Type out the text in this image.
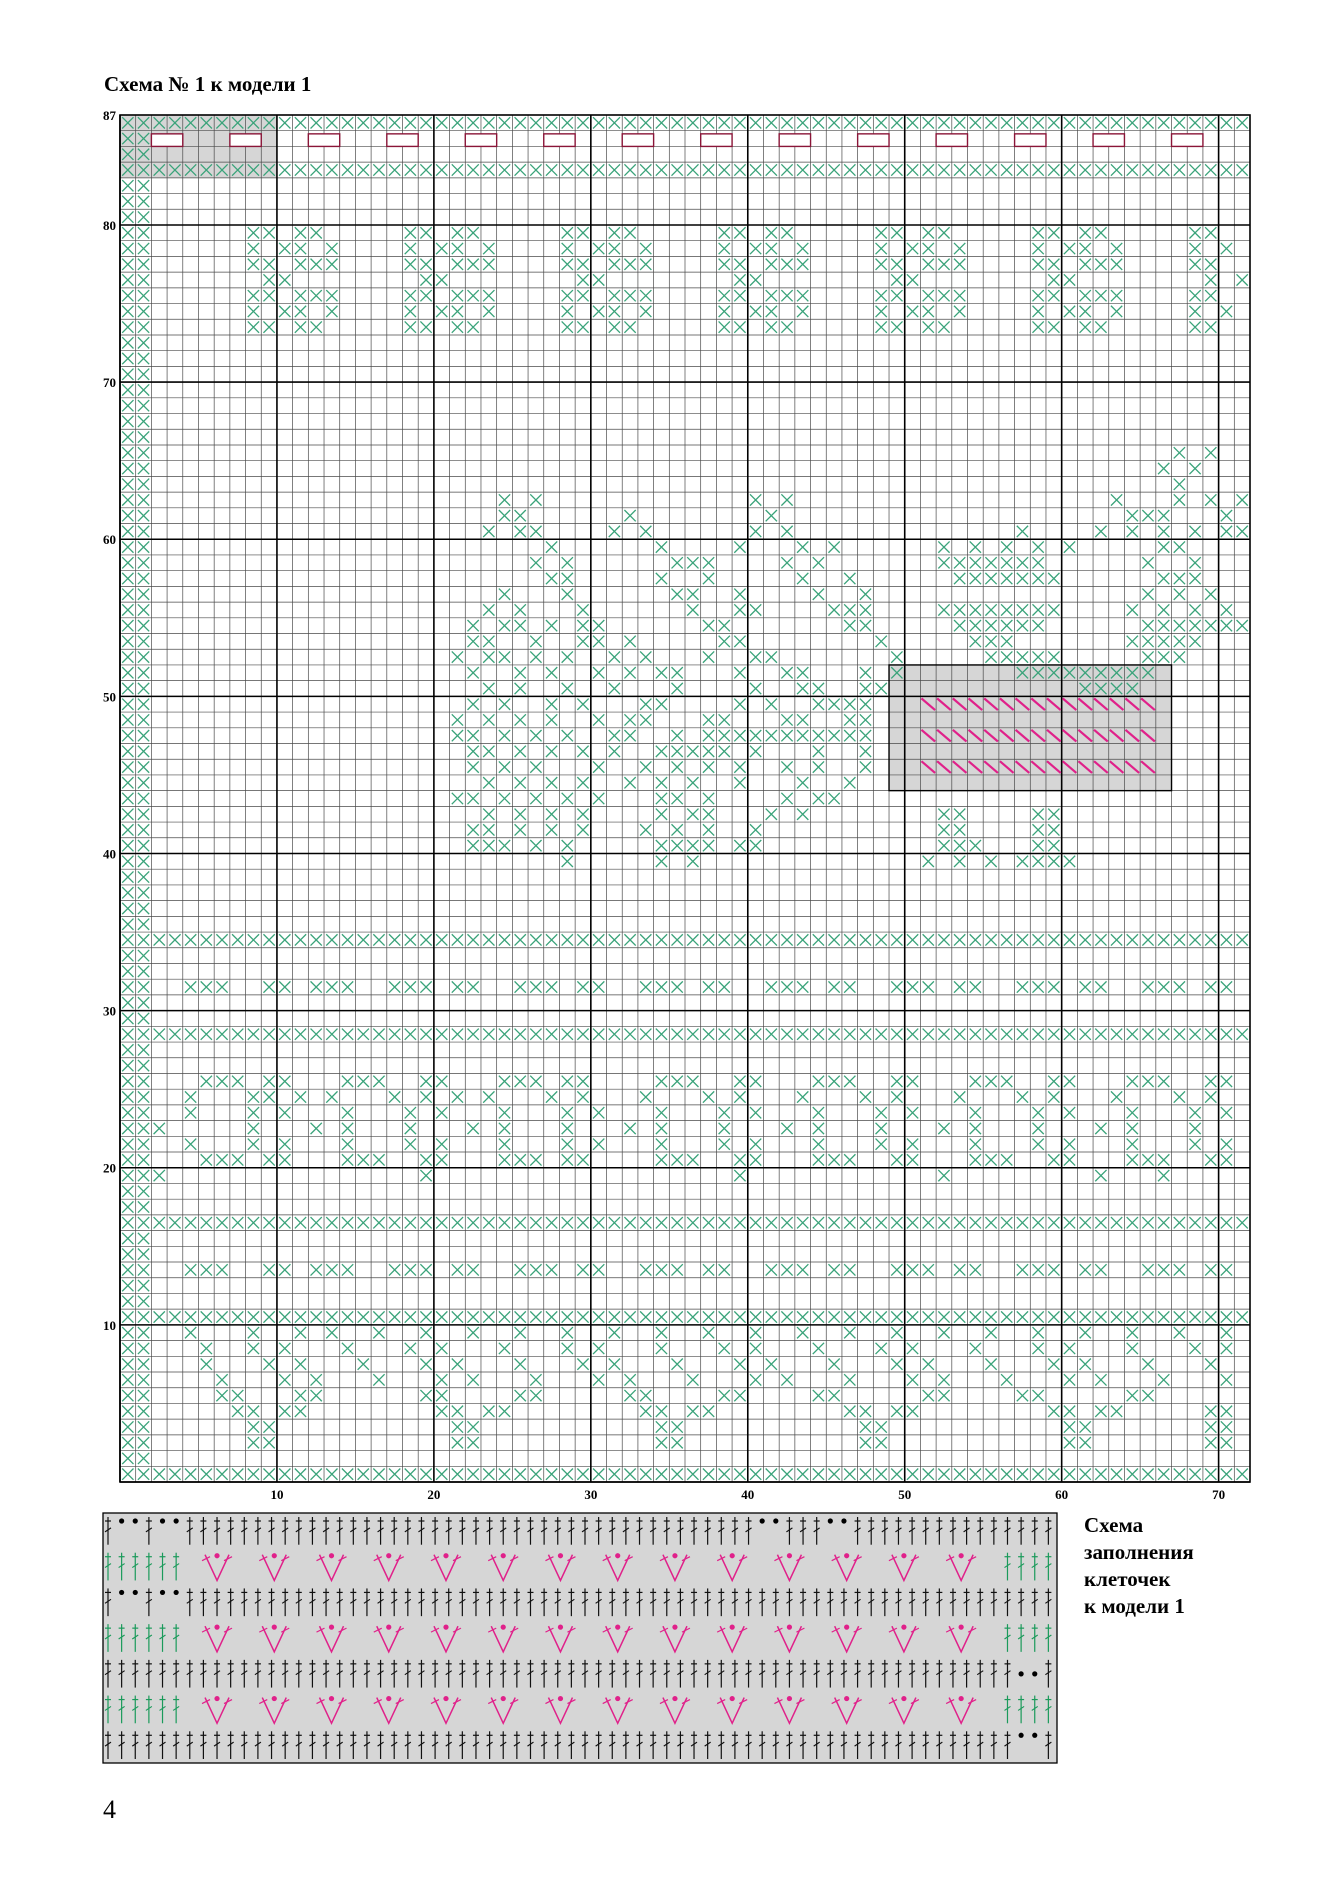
Схема № 1 к модели 1
10	20	30	40	50	60	70
10
20
30
40
50
60
70
80
87
Схема
заполнения
клеточек
к модели 1
4
